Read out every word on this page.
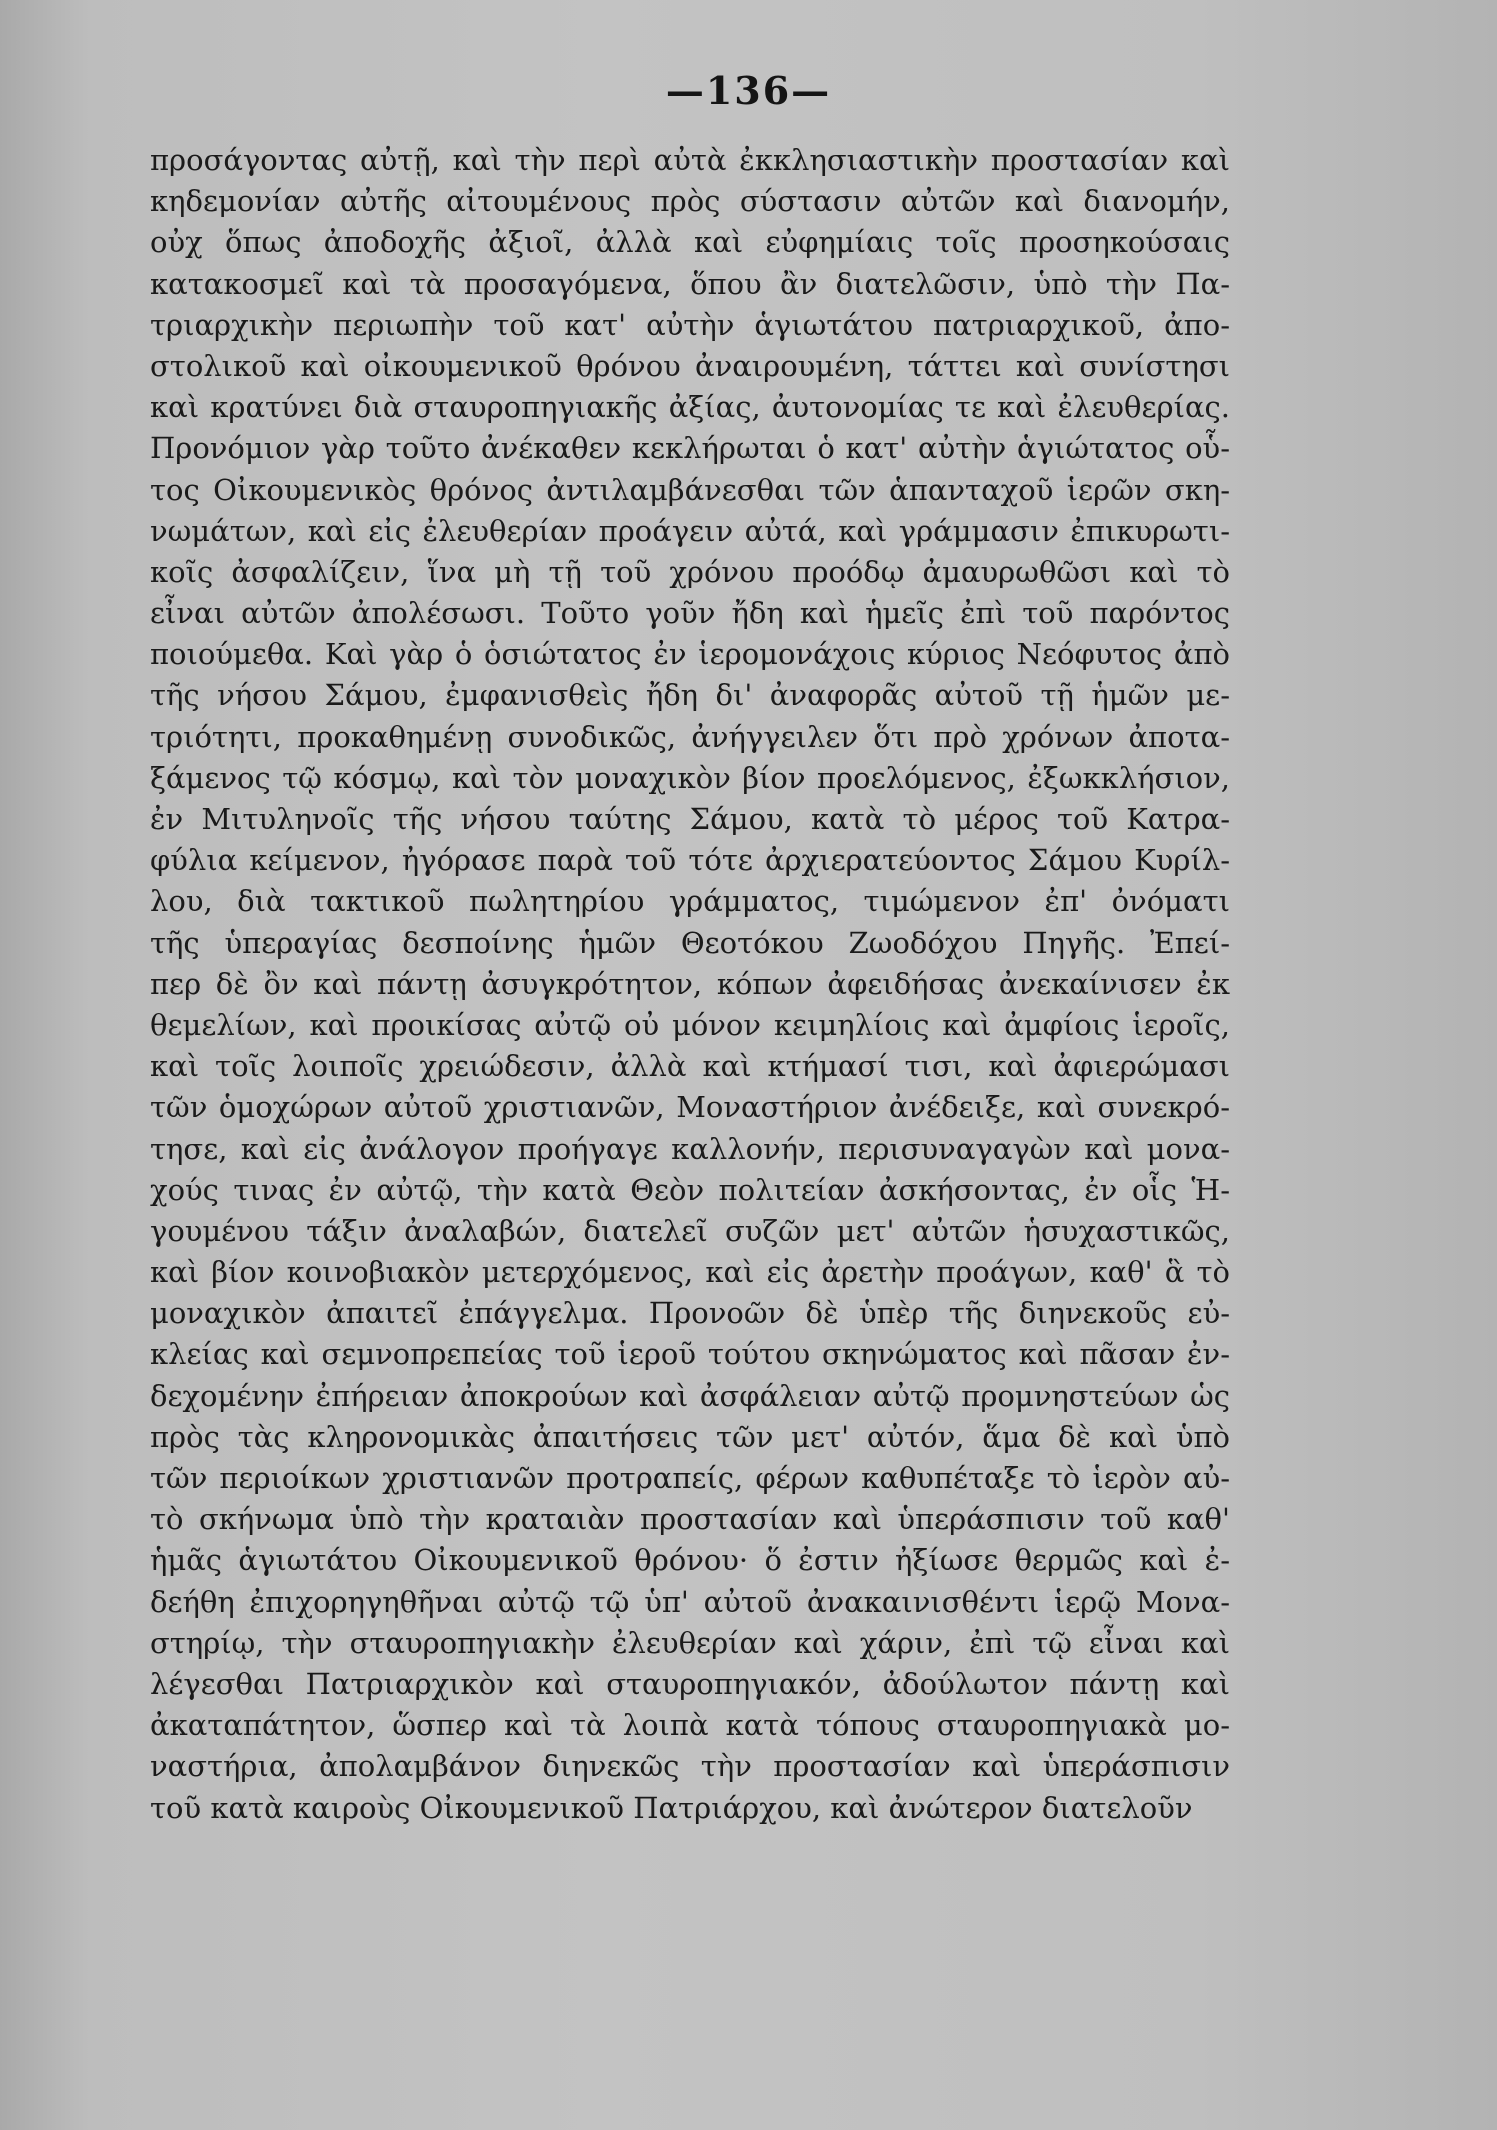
—136—
προσάγοντας αὐτῇ, καὶ τὴν περὶ αὐτὰ ἐκκλησιαστικὴν προστασίαν καὶ
κηδεμονίαν αὐτῆς αἰτουμένους πρὸς σύστασιν αὐτῶν καὶ διανομήν,
οὐχ ὅπως ἀποδοχῆς ἀξιοῖ, ἀλλὰ καὶ εὐφημίαις τοῖς προσηκούσαις
κατακοσμεῖ καὶ τὰ προσαγόμενα, ὅπου ἂν διατελῶσιν, ὑπὸ τὴν Πα-
τριαρχικὴν περιωπὴν τοῦ κατ' αὐτὴν ἁγιωτάτου πατριαρχικοῦ, ἀπο-
στολικοῦ καὶ οἰκουμενικοῦ θρόνου ἀναιρουμένη, τάττει καὶ συνίστησι
καὶ κρατύνει διὰ σταυροπηγιακῆς ἀξίας, ἀυτονομίας τε καὶ ἐλευθερίας.
Προνόμιον γὰρ τοῦτο ἀνέκαθεν κεκλήρωται ὁ κατ' αὐτὴν ἁγιώτατος οὗ-
τος Οἰκουμενικὸς θρόνος ἀντιλαμβάνεσθαι τῶν ἁπανταχοῦ ἱερῶν σκη-
νωμάτων, καὶ εἰς ἐλευθερίαν προάγειν αὐτά, καὶ γράμμασιν ἐπικυρωτι-
κοῖς ἀσφαλίζειν, ἵνα μὴ τῇ τοῦ χρόνου προόδῳ ἀμαυρωθῶσι καὶ τὸ
εἶναι αὐτῶν ἀπολέσωσι. Τοῦτο γοῦν ἤδη καὶ ἡμεῖς ἐπὶ τοῦ παρόντος
ποιούμεθα. Καὶ γὰρ ὁ ὁσιώτατος ἐν ἱερομονάχοις κύριος Νεόφυτος ἀπὸ
τῆς νήσου Σάμου, ἐμφανισθεὶς ἤδη δι' ἀναφορᾶς αὐτοῦ τῇ ἡμῶν με-
τριότητι, προκαθημένῃ συνοδικῶς, ἀνήγγειλεν ὅτι πρὸ χρόνων ἀποτα-
ξάμενος τῷ κόσμῳ, καὶ τὸν μοναχικὸν βίον προελόμενος, ἐξωκκλήσιον,
ἐν Μιτυληνοῖς τῆς νήσου ταύτης Σάμου, κατὰ τὸ μέρος τοῦ Κατρα-
φύλια κείμενον, ἠγόρασε παρὰ τοῦ τότε ἀρχιερατεύοντος Σάμου Κυρίλ-
λου, διὰ τακτικοῦ πωλητηρίου γράμματος, τιμώμενον ἐπ' ὀνόματι
τῆς ὑπεραγίας δεσποίνης ἡμῶν Θεοτόκου Ζωοδόχου Πηγῆς. Ἐπεί-
περ δὲ ὂν καὶ πάντῃ ἀσυγκρότητον, κόπων ἀφειδήσας ἀνεκαίνισεν ἐκ
θεμελίων, καὶ προικίσας αὐτῷ οὐ μόνον κειμηλίοις καὶ ἀμφίοις ἱεροῖς,
καὶ τοῖς λοιποῖς χρειώδεσιν, ἀλλὰ καὶ κτήμασί τισι, καὶ ἀφιερώμασι
τῶν ὁμοχώρων αὐτοῦ χριστιανῶν, Μοναστήριον ἀνέδειξε, καὶ συνεκρό-
τησε, καὶ εἰς ἀνάλογον προήγαγε καλλονήν, περισυναγαγὼν καὶ μονα-
χούς τινας ἐν αὐτῷ, τὴν κατὰ Θεὸν πολιτείαν ἀσκήσοντας, ἐν οἷς Ἡ-
γουμένου τάξιν ἀναλαβών, διατελεῖ συζῶν μετ' αὐτῶν ἡσυχαστικῶς,
καὶ βίον κοινοβιακὸν μετερχόμενος, καὶ εἰς ἀρετὴν προάγων, καθ' ἃ τὸ
μοναχικὸν ἀπαιτεῖ ἐπάγγελμα. Προνοῶν δὲ ὑπὲρ τῆς διηνεκοῦς εὐ-
κλείας καὶ σεμνοπρεπείας τοῦ ἱεροῦ τούτου σκηνώματος καὶ πᾶσαν ἐν-
δεχομένην ἐπήρειαν ἀποκρούων καὶ ἀσφάλειαν αὐτῷ προμνηστεύων ὡς
πρὸς τὰς κληρονομικὰς ἀπαιτήσεις τῶν μετ' αὐτόν, ἅμα δὲ καὶ ὑπὸ
τῶν περιοίκων χριστιανῶν προτραπείς, φέρων καθυπέταξε τὸ ἱερὸν αὐ-
τὸ σκήνωμα ὑπὸ τὴν κραταιὰν προστασίαν καὶ ὑπεράσπισιν τοῦ καθ'
ἡμᾶς ἁγιωτάτου Οἰκουμενικοῦ θρόνου· ὅ ἐστιν ἠξίωσε θερμῶς καὶ ἐ-
δεήθη ἐπιχορηγηθῆναι αὐτῷ τῷ ὑπ' αὐτοῦ ἀνακαινισθέντι ἱερῷ Μονα-
στηρίῳ, τὴν σταυροπηγιακὴν ἐλευθερίαν καὶ χάριν, ἐπὶ τῷ εἶναι καὶ
λέγεσθαι Πατριαρχικὸν καὶ σταυροπηγιακόν, ἀδούλωτον πάντῃ καὶ
ἀκαταπάτητον, ὥσπερ καὶ τὰ λοιπὰ κατὰ τόπους σταυροπηγιακὰ μο-
ναστήρια, ἀπολαμβάνον διηνεκῶς τὴν προστασίαν καὶ ὑπεράσπισιν
τοῦ κατὰ καιροὺς Οἰκουμενικοῦ Πατριάρχου, καὶ ἀνώτερον διατελοῦν
